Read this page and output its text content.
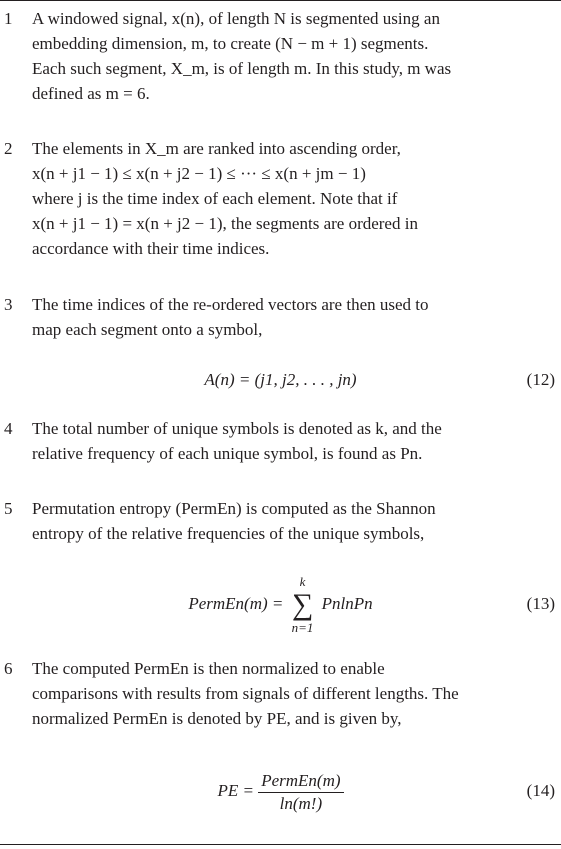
1 A windowed signal, x(n), of length N is segmented using an
embedding dimension, m, to create (N − m + 1) segments.
Each such segment, X_m, is of length m. In this study, m was
defined as m = 6.
2 The elements in X_m are ranked into ascending order,
x(n + j1 − 1) ≤ x(n + j2 − 1) ≤ ··· ≤ x(n + jm − 1)
where j is the time index of each element. Note that if
x(n + j1 − 1) = x(n + j2 − 1), the segments are ordered in
accordance with their time indices.
3 The time indices of the re-ordered vectors are then used to
map each segment onto a symbol,
A(n) = (j1, j2, . . . , jn)	(12)
4 The total number of unique symbols is denoted as k, and the
relative frequency of each unique symbol, is found as Pn.
5 Permutation entropy (PermEn) is computed as the Shannon
entropy of the relative frequencies of the unique symbols,
PermEn(m) =
k
∑
n=1
PnlnPn	(13)
6 The computed PermEn is then normalized to enable
comparisons with results from signals of different lengths. The
normalized PermEn is denoted by PE, and is given by,
PE = $\frac{\text{PermEn(m)}}{\ln(m!)}$	(14)
